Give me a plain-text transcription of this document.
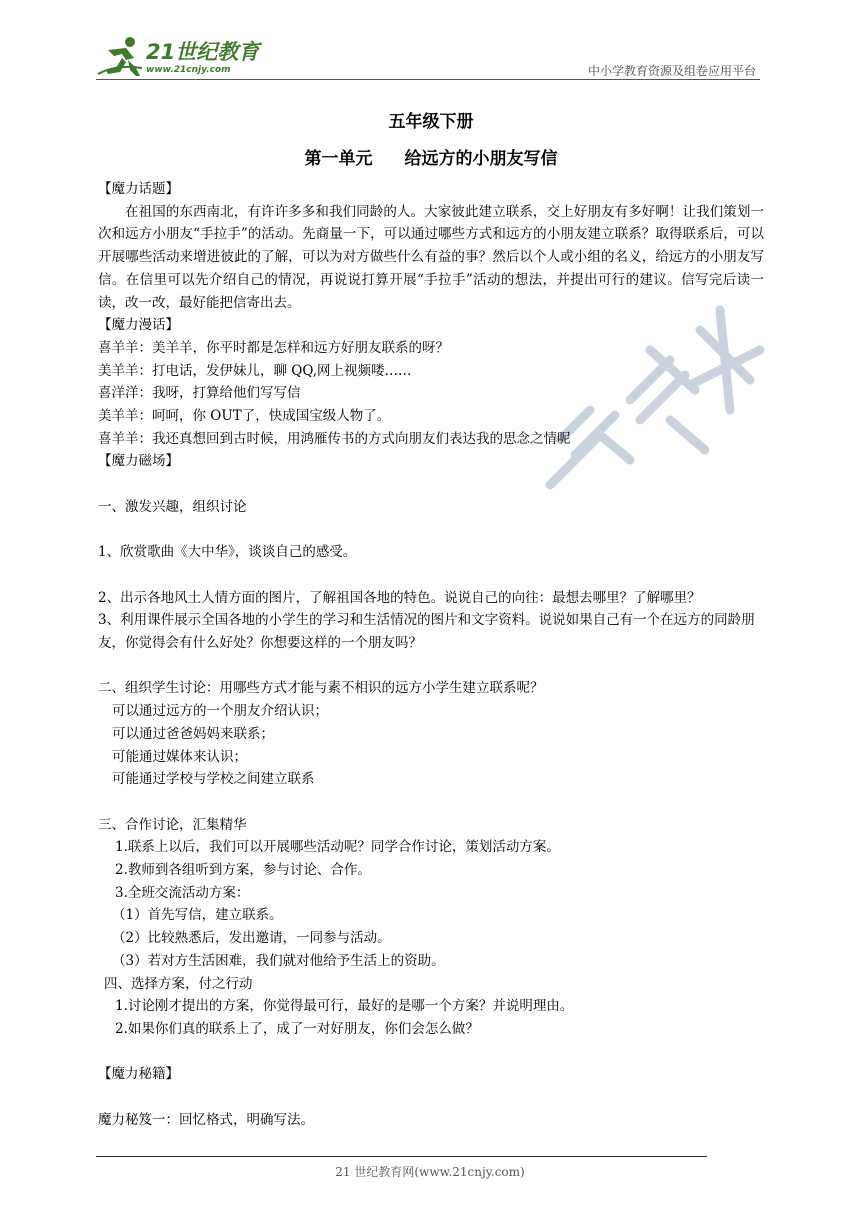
21世纪教育
www.21cnjy.com	中小学教育资源及组卷应用平台

五年级下册

第一单元 给远方的小朋友写信

【魔力话题】

在祖国的东西南北，有许许多多和我们同龄的人。大家彼此建立联系，交上好朋友有多好啊！让我们策划一次和远方小朋友“手拉手”的活动。先商量一下，可以通过哪些方式和远方的小朋友建立联系？取得联系后，可以开展哪些活动来增进彼此的了解，可以为对方做些什么有益的事？然后以个人或小组的名义，给远方的小朋友写信。在信里可以先介绍自己的情况，再说说打算开展“手拉手”活动的想法，并提出可行的建议。信写完后读一读，改一改，最好能把信寄出去。

【魔力漫话】

喜羊羊：美羊羊，你平时都是怎样和远方好朋友联系的呀？

美羊羊：打电话，发伊妹儿，聊 QQ,网上视频喽……

喜洋洋：我呀，打算给他们写写信

美羊羊：呵呵，你 OUT了，快成国宝级人物了。

喜羊羊：我还真想回到古时候，用鸿雁传书的方式向朋友们表达我的思念之情呢

【魔力磁场】

一、激发兴趣，组织讨论

1、欣赏歌曲《大中华》，谈谈自己的感受。

2、出示各地风土人情方面的图片，了解祖国各地的特色。说说自己的向往：最想去哪里？了解哪里？

3、利用课件展示全国各地的小学生的学习和生活情况的图片和文字资料。说说如果自己有一个在远方的同龄朋友，你觉得会有什么好处？你想要这样的一个朋友吗？

二、组织学生讨论：用哪些方式才能与素不相识的远方小学生建立联系呢？

可以通过远方的一个朋友介绍认识；

可以通过爸爸妈妈来联系；

可能通过媒体来认识；

可能通过学校与学校之间建立联系

三、合作讨论，汇集精华

1.联系上以后，我们可以开展哪些活动呢？同学合作讨论，策划活动方案。

2.教师到各组听到方案，参与讨论、合作。

3.全班交流活动方案：

（1）首先写信，建立联系。

（2）比较熟悉后，发出邀请，一同参与活动。

（3）若对方生活困难，我们就对他给予生活上的资助。

四、选择方案，付之行动

1.讨论刚才提出的方案，你觉得最可行，最好的是哪一个方案？并说明理由。

2.如果你们真的联系上了，成了一对好朋友，你们会怎么做？

【魔力秘籍】

魔力秘笈一：回忆格式，明确写法。

21 世纪教育网(www.21cnjy.com)
